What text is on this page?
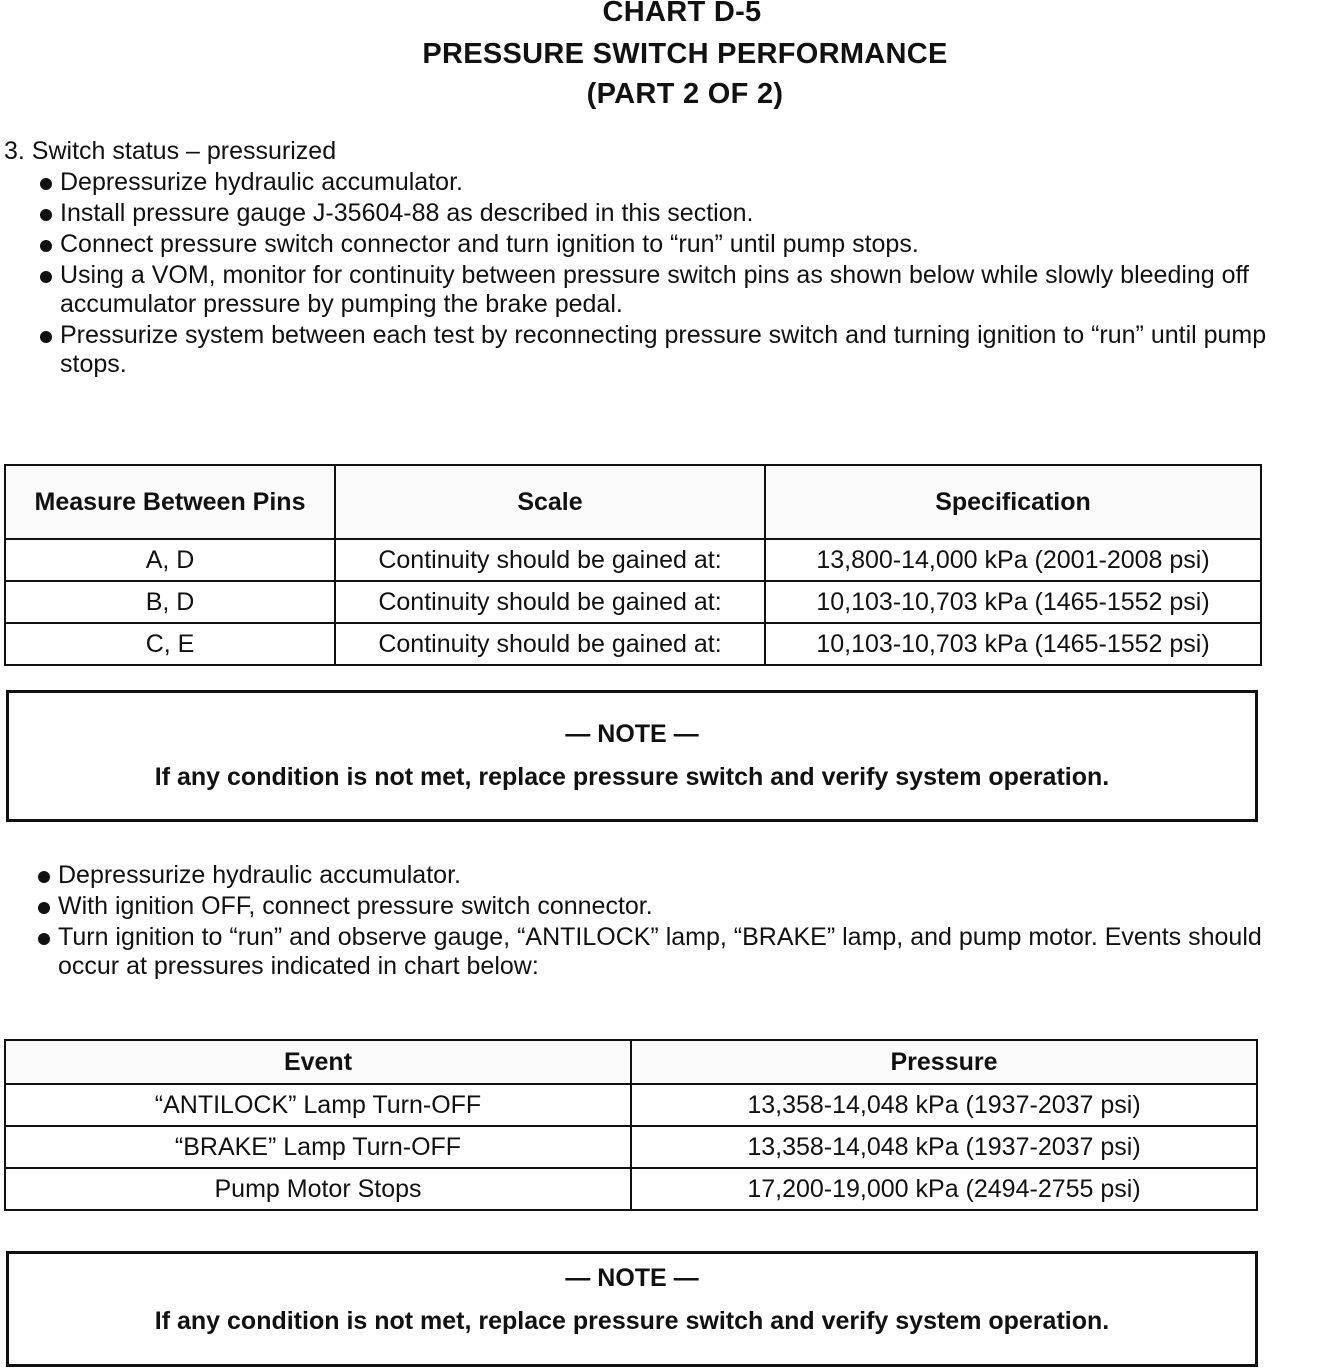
CHART D-5
PRESSURE SWITCH PERFORMANCE
(PART 2 OF 2)

3. Switch status – pressurized

Depressurize hydraulic accumulator.
Install pressure gauge J-35604-88 as described in this section.
Connect pressure switch connector and turn ignition to “run” until pump stops.
Using a VOM, monitor for continuity between pressure switch pins as shown below while slowly bleeding off accumulator pressure by pumping the brake pedal.
Pressurize system between each test by reconnecting pressure switch and turning ignition to “run” until pump stops.
Measure Between Pins	Scale	Specification
A, D	Continuity should be gained at:	13,800-14,000 kPa (2001-2008 psi)
B, D	Continuity should be gained at:	10,103-10,703 kPa (1465-1552 psi)
C, E	Continuity should be gained at:	10,103-10,703 kPa (1465-1552 psi)

— NOTE —

If any condition is not met, replace pressure switch and verify system operation.

Depressurize hydraulic accumulator.
With ignition OFF, connect pressure switch connector.
Turn ignition to “run” and observe gauge, “ANTILOCK” lamp, “BRAKE” lamp, and pump motor. Events should occur at pressures indicated in chart below:
Event	Pressure
“ANTILOCK” Lamp Turn-OFF	13,358-14,048 kPa (1937-2037 psi)
“BRAKE” Lamp Turn-OFF	13,358-14,048 kPa (1937-2037 psi)
Pump Motor Stops	17,200-19,000 kPa (2494-2755 psi)

— NOTE —

If any condition is not met, replace pressure switch and verify system operation.
